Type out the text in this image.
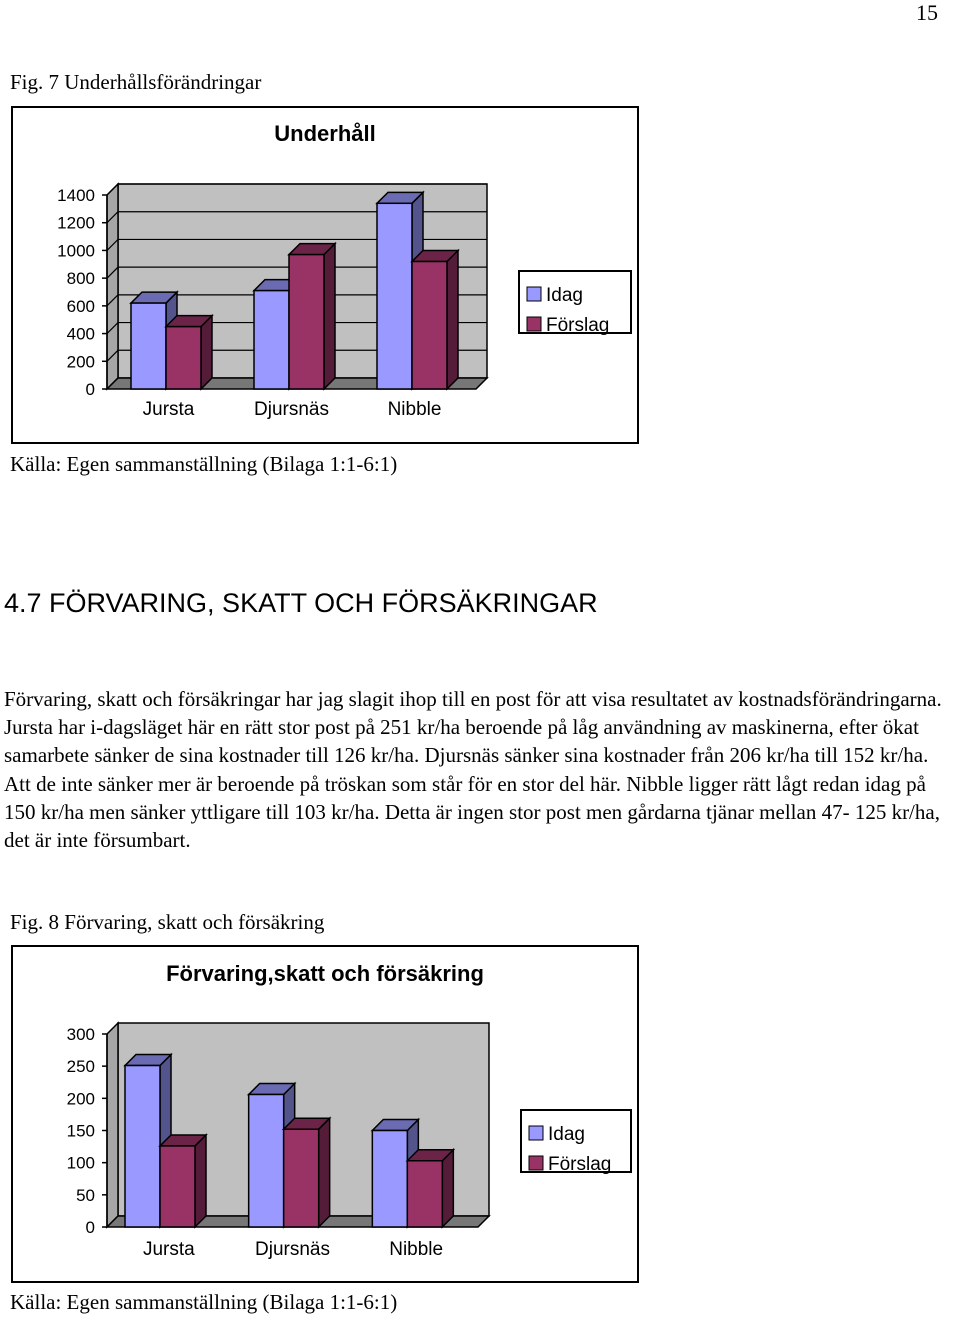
15
Fig. 7 Underhållsförändringar
Underhåll
0
200
400
600
800
1000
1200
1400
Jursta	Djursnäs	Nibble
Idag
Förslag
Källa: Egen sammanställning (Bilaga 1:1-6:1)
4.7 FÖRVARING, SKATT OCH FÖRSÄKRINGAR
Förvaring, skatt och försäkringar har jag slagit ihop till en post för att visa resultatet av kostnadsförändringarna. Jursta har i-dagsläget här en rätt stor post på 251 kr/ha beroende på låg användning av maskinerna, efter ökat samarbete sänker de sina kostnader till 126 kr/ha. Djursnäs sänker sina kostnader från 206 kr/ha till 152 kr/ha. Att de inte sänker mer är beroende på tröskan som står för en stor del här. Nibble ligger rätt lågt redan idag på 150 kr/ha men sänker yttligare till 103 kr/ha. Detta är ingen stor post men gårdarna tjänar mellan 47- 125 kr/ha, det är inte försumbart.
Fig. 8 Förvaring, skatt och försäkring
Förvaring,skatt och försäkring
0
50
100
150
200
250
300
Jursta	Djursnäs	Nibble
Idag
Förslag
Källa: Egen sammanställning (Bilaga 1:1-6:1)
